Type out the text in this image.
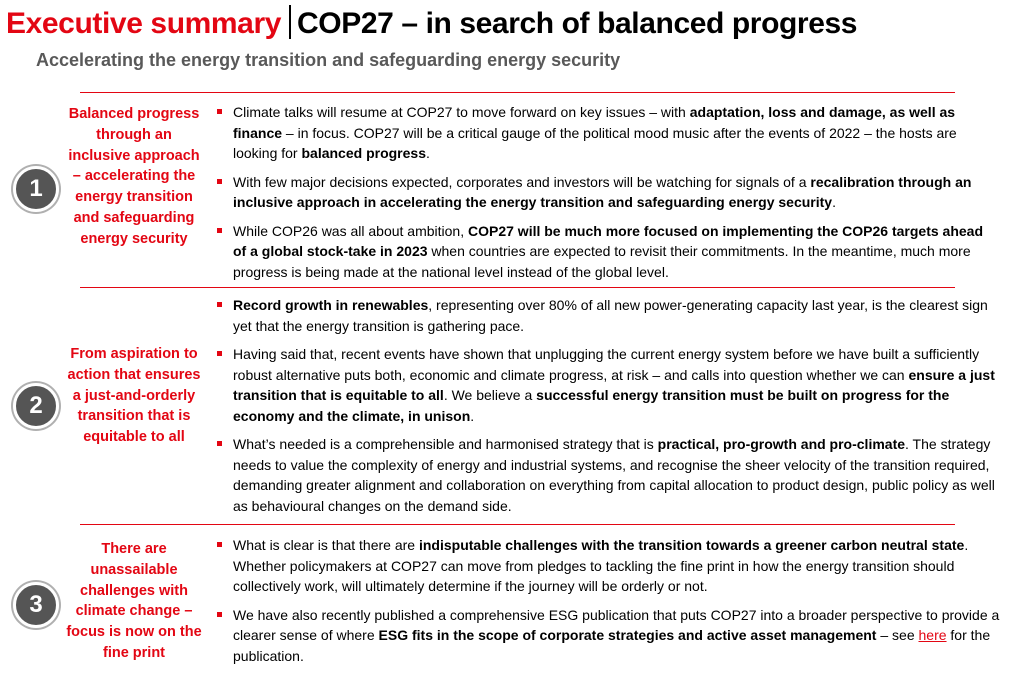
Executive summary COP27 – in search of balanced progress
Accelerating the energy transition and safeguarding energy security
Balanced progress through an inclusive approach – accelerating the energy transition and safeguarding energy security
1
Climate talks will resume at COP27 to move forward on key issues – with adaptation, loss and damage, as well as finance – in focus. COP27 will be a critical gauge of the political mood music after the events of 2022 – the hosts are looking for balanced progress.
With few major decisions expected, corporates and investors will be watching for signals of a recalibration through an inclusive approach in accelerating the energy transition and safeguarding energy security.
While COP26 was all about ambition, COP27 will be much more focused on implementing the COP26 targets ahead of a global stock-take in 2023 when countries are expected to revisit their commitments. In the meantime, much more progress is being made at the national level instead of the global level.
From aspiration to action that ensures a just-and-orderly transition that is equitable to all
2
Record growth in renewables, representing over 80% of all new power-generating capacity last year, is the clearest sign yet that the energy transition is gathering pace.
Having said that, recent events have shown that unplugging the current energy system before we have built a sufficiently robust alternative puts both, economic and climate progress, at risk – and calls into question whether we can ensure a just transition that is equitable to all. We believe a successful energy transition must be built on progress for the economy and the climate, in unison.
What’s needed is a comprehensible and harmonised strategy that is practical, pro-growth and pro-climate. The strategy needs to value the complexity of energy and industrial systems, and recognise the sheer velocity of the transition required, demanding greater alignment and collaboration on everything from capital allocation to product design, public policy as well as behavioural changes on the demand side.
There are unassailable challenges with climate change – focus is now on the fine print
3
What is clear is that there are indisputable challenges with the transition towards a greener carbon neutral state. Whether policymakers at COP27 can move from pledges to tackling the fine print in how the energy transition should collectively work, will ultimately determine if the journey will be orderly or not.
We have also recently published a comprehensive ESG publication that puts COP27 into a broader perspective to provide a clearer sense of where ESG fits in the scope of corporate strategies and active asset management – see here for the publication.
